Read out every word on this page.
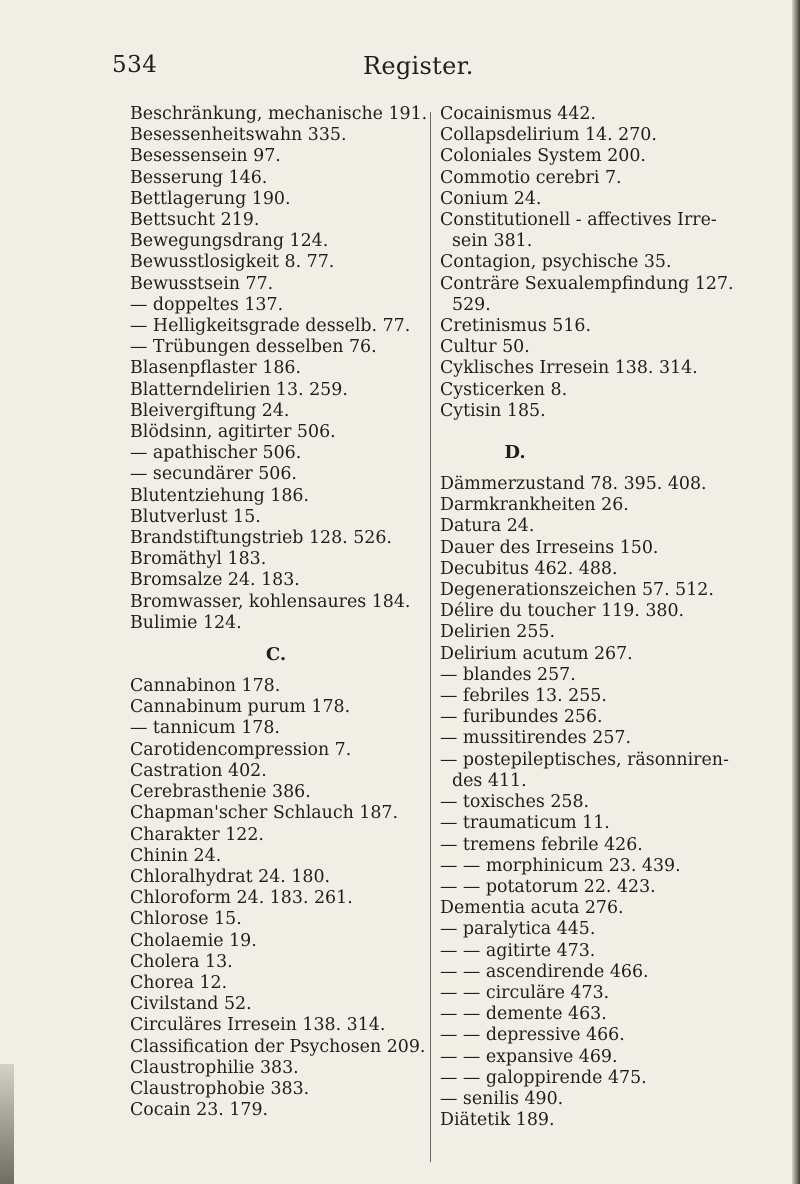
534	Register.
Beschränkung, mechanische 191.
Besessenheitswahn 335.
Besessensein 97.
Besserung 146.
Bettlagerung 190.
Bettsucht 219.
Bewegungsdrang 124.
Bewusstlosigkeit 8. 77.
Bewusstsein 77.
— doppeltes 137.
— Helligkeitsgrade desselb. 77.
— Trübungen desselben 76.
Blasenpflaster 186.
Blatterndelirien 13. 259.
Bleivergiftung 24.
Blödsinn, agitirter 506.
— apathischer 506.
— secundärer 506.
Blutentziehung 186.
Blutverlust 15.
Brandstiftungstrieb 128. 526.
Bromäthyl 183.
Bromsalze 24. 183.
Bromwasser, kohlensaures 184.
Bulimie 124.
C.
Cannabinon 178.
Cannabinum purum 178.
— tannicum 178.
Carotidencompression 7.
Castration 402.
Cerebrasthenie 386.
Chapman'scher Schlauch 187.
Charakter 122.
Chinin 24.
Chloralhydrat 24. 180.
Chloroform 24. 183. 261.
Chlorose 15.
Cholaemie 19.
Cholera 13.
Chorea 12.
Civilstand 52.
Circuläres Irresein 138. 314.
Classification der Psychosen 209.
Claustrophilie 383.
Claustrophobie 383.
Cocain 23. 179.
Cocainismus 442.
Collapsdelirium 14. 270.
Coloniales System 200.
Commotio cerebri 7.
Conium 24.
Constitutionell - affectives Irre-
sein 381.
Contagion, psychische 35.
Conträre Sexualempfindung 127.
529.
Cretinismus 516.
Cultur 50.
Cyklisches Irresein 138. 314.
Cysticerken 8.
Cytisin 185.
D.
Dämmerzustand 78. 395. 408.
Darmkrankheiten 26.
Datura 24.
Dauer des Irreseins 150.
Decubitus 462. 488.
Degenerationszeichen 57. 512.
Délire du toucher 119. 380.
Delirien 255.
Delirium acutum 267.
— blandes 257.
— febriles 13. 255.
— furibundes 256.
— mussitirendes 257.
— postepileptisches, räsonniren-
des 411.
— toxisches 258.
— traumaticum 11.
— tremens febrile 426.
— — morphinicum 23. 439.
— — potatorum 22. 423.
Dementia acuta 276.
— paralytica 445.
— — agitirte 473.
— — ascendirende 466.
— — circuläre 473.
— — demente 463.
— — depressive 466.
— — expansive 469.
— — galoppirende 475.
— senilis 490.
Diätetik 189.
